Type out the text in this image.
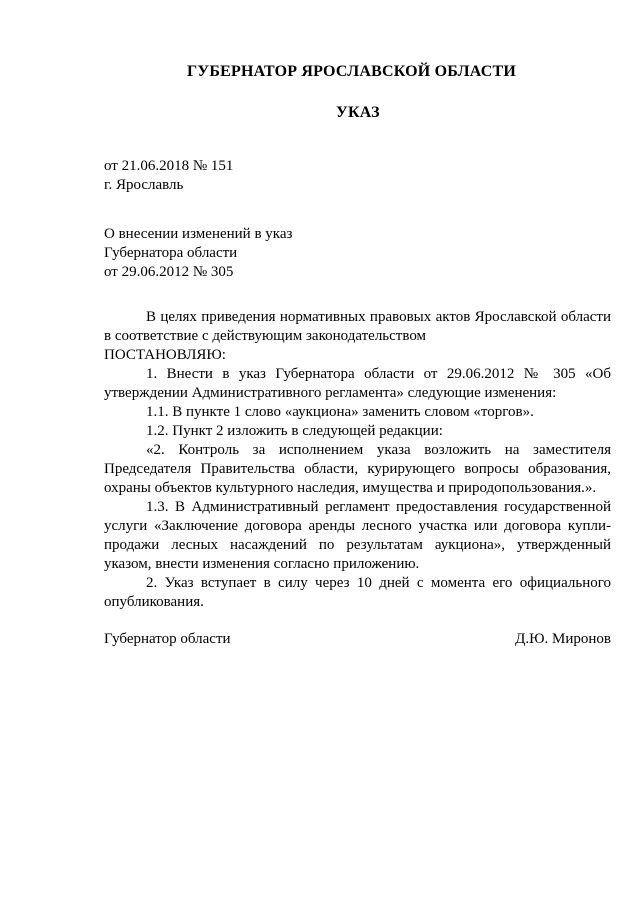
ГУБЕРНАТОР ЯРОСЛАВСКОЙ ОБЛАСТИ
УКАЗ
от 21.06.2018 № 151
г. Ярославль
О внесении изменений в указ
Губернатора области
от 29.06.2012 № 305

В целях приведения нормативных правовых актов Ярославской области в соответствие с действующим законодательством

ПОСТАНОВЛЯЮ:

1. Внести в указ Губернатора области от 29.06.2012 № 305 «Об утверждении Административного регламента» следующие изменения:

1.1. В пункте 1 слово «аукциона» заменить словом «торгов».

1.2. Пункт 2 изложить в следующей редакции:

«2. Контроль за исполнением указа возложить на заместителя Председателя Правительства области, курирующего вопросы образования, охраны объектов культурного наследия, имущества и природопользования.».

1.3. В Административный регламент предоставления государственной услуги «Заключение договора аренды лесного участка или договора купли-продажи лесных насаждений по результатам аукциона», утвержденный указом, внести изменения согласно приложению.

2. Указ вступает в силу через 10 дней с момента его официального опубликования.

Губернатор области	Д.Ю. Миронов
